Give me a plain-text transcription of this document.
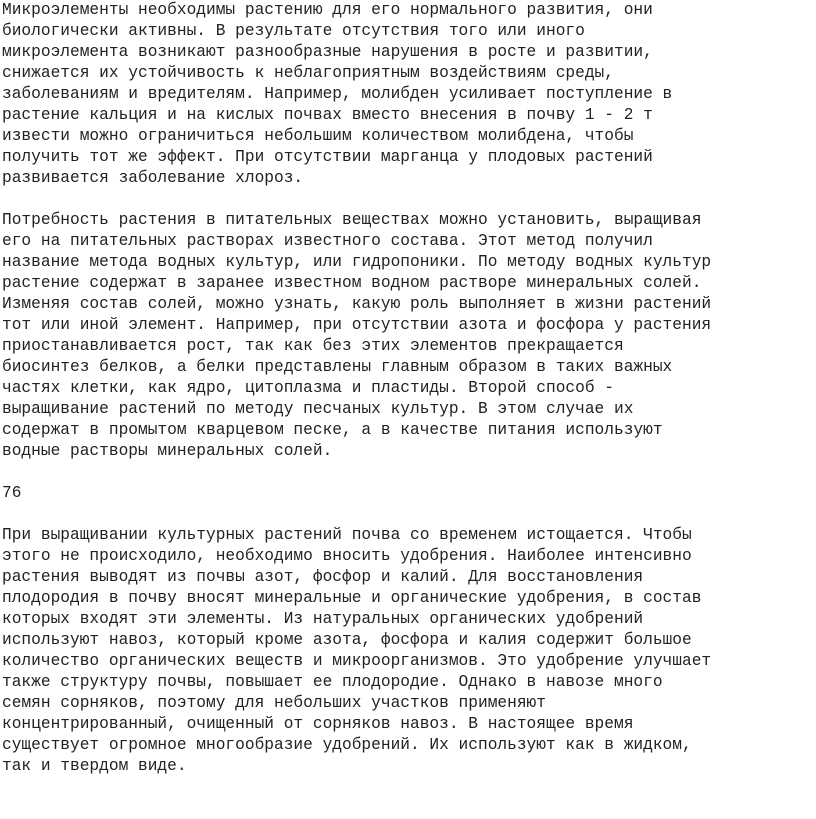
Микроэлементы необходимы растению для его нормального развития, они
биологически активны. В результате отсутствия того или иного
микроэлемента возникают разнообразные нарушения в росте и развитии,
снижается их устойчивость к неблагоприятным воздействиям среды,
заболеваниям и вредителям. Например, молибден усиливает поступление в
растение кальция и на кислых почвах вместо внесения в почву 1 - 2 т
извести можно ограничиться небольшим количеством молибдена, чтобы
получить тот же эффект. При отсутствии марганца у плодовых растений
развивается заболевание хлороз.
Потребность растения в питательных веществах можно установить, выращивая
его на питательных растворах известного состава. Этот метод получил
название метода водных культур, или гидропоники. По методу водных культур
растение содержат в заранее известном водном растворе минеральных солей.
Изменяя состав солей, можно узнать, какую роль выполняет в жизни растений
тот или иной элемент. Например, при отсутствии азота и фосфора у растения
приостанавливается рост, так как без этих элементов прекращается
биосинтез белков, а белки представлены главным образом в таких важных
частях клетки, как ядро, цитоплазма и пластиды. Второй способ -
выращивание растений по методу песчаных культур. В этом случае их
содержат в промытом кварцевом песке, а в качестве питания используют
водные растворы минеральных солей.
76
При выращивании культурных растений почва со временем истощается. Чтобы
этого не происходило, необходимо вносить удобрения. Наиболее интенсивно
растения выводят из почвы азот, фосфор и калий. Для восстановления
плодородия в почву вносят минеральные и органические удобрения, в состав
которых входят эти элементы. Из натуральных органических удобрений
используют навоз, который кроме азота, фосфора и калия содержит большое
количество органических веществ и микроорганизмов. Это удобрение улучшает
также структуру почвы, повышает ее плодородие. Однако в навозе много
семян сорняков, поэтому для небольших участков применяют
концентрированный, очищенный от сорняков навоз. В настоящее время
существует огромное многообразие удобрений. Их используют как в жидком,
так и твердом виде.
